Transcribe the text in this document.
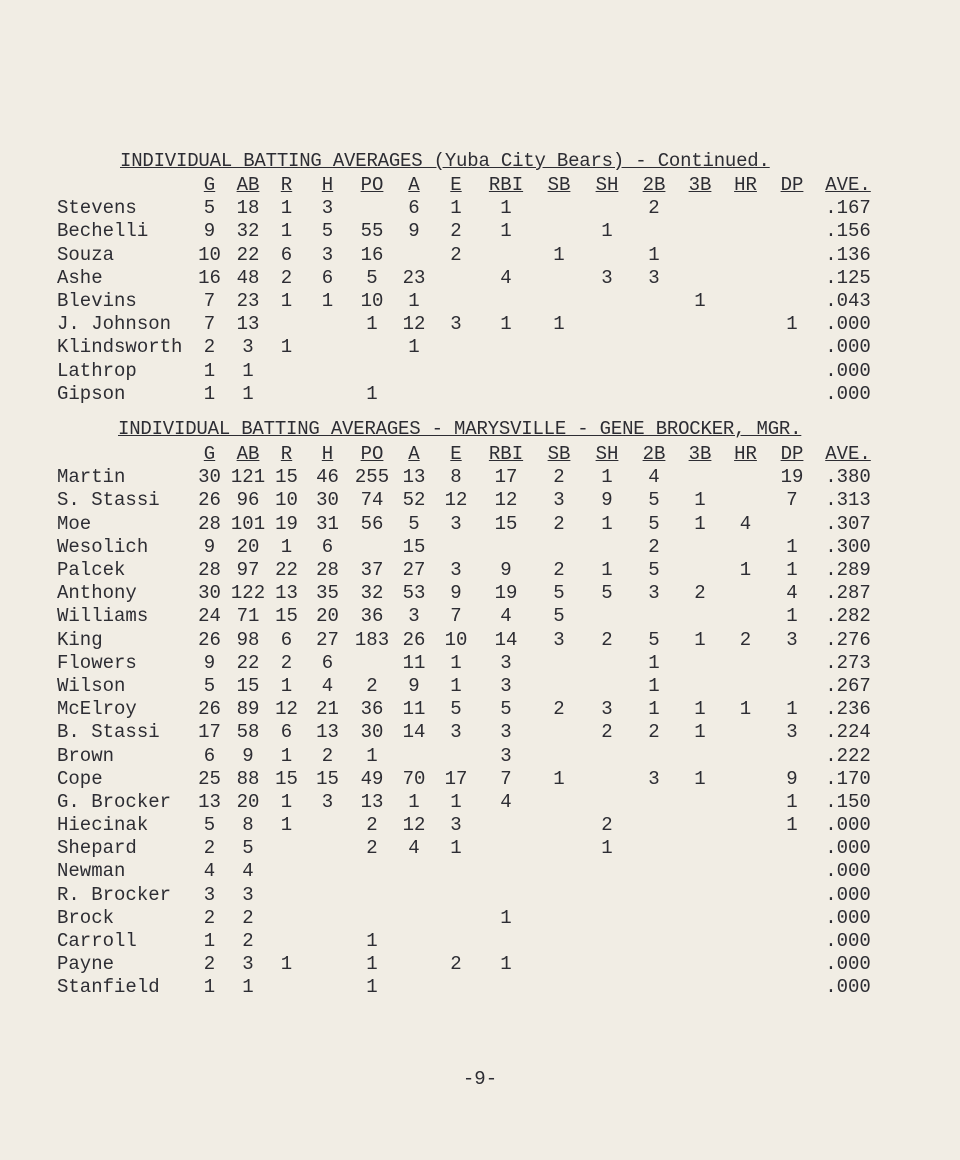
INDIVIDUAL BATTING AVERAGES (Yuba City Bears) - Continued.
	G	AB	R	H	PO	A	E	RBI	SB	SH	2B	3B	HR	DP	AVE.
Stevens	5	18	1	3		6	1	1			2				.167
Bechelli	9	32	1	5	55	9	2	1		1					.156
Souza	10	22	6	3	16		2		1		1				.136
Ashe	16	48	2	6	5	23		4		3	3				.125
Blevins	7	23	1	1	10	1						1			.043
J. Johnson	7	13			1	12	3	1	1					1	.000
Klindsworth	2	3	1			1									.000
Lathrop	1	1													.000
Gipson	1	1			1										.000
INDIVIDUAL BATTING AVERAGES - MARYSVILLE - GENE BROCKER, MGR.
	G	AB	R	H	PO	A	E	RBI	SB	SH	2B	3B	HR	DP	AVE.
Martin	30	121	15	46	255	13	8	17	2	1	4			19	.380
S. Stassi	26	96	10	30	74	52	12	12	3	9	5	1		7	.313
Moe	28	101	19	31	56	5	3	15	2	1	5	1	4		.307
Wesolich	9	20	1	6		15					2			1	.300
Palcek	28	97	22	28	37	27	3	9	2	1	5		1	1	.289
Anthony	30	122	13	35	32	53	9	19	5	5	3	2		4	.287
Williams	24	71	15	20	36	3	7	4	5					1	.282
King	26	98	6	27	183	26	10	14	3	2	5	1	2	3	.276
Flowers	9	22	2	6		11	1	3			1				.273
Wilson	5	15	1	4	2	9	1	3			1				.267
McElroy	26	89	12	21	36	11	5	5	2	3	1	1	1	1	.236
B. Stassi	17	58	6	13	30	14	3	3		2	2	1		3	.224
Brown	6	9	1	2	1			3							.222
Cope	25	88	15	15	49	70	17	7	1		3	1		9	.170
G. Brocker	13	20	1	3	13	1	1	4						1	.150
Hiecinak	5	8	1		2	12	3			2				1	.000
Shepard	2	5			2	4	1			1					.000
Newman	4	4													.000
R. Brocker	3	3													.000
Brock	2	2						1							.000
Carroll	1	2			1										.000
Payne	2	3	1		1		2	1							.000
Stanfield	1	1			1										.000
-9-
